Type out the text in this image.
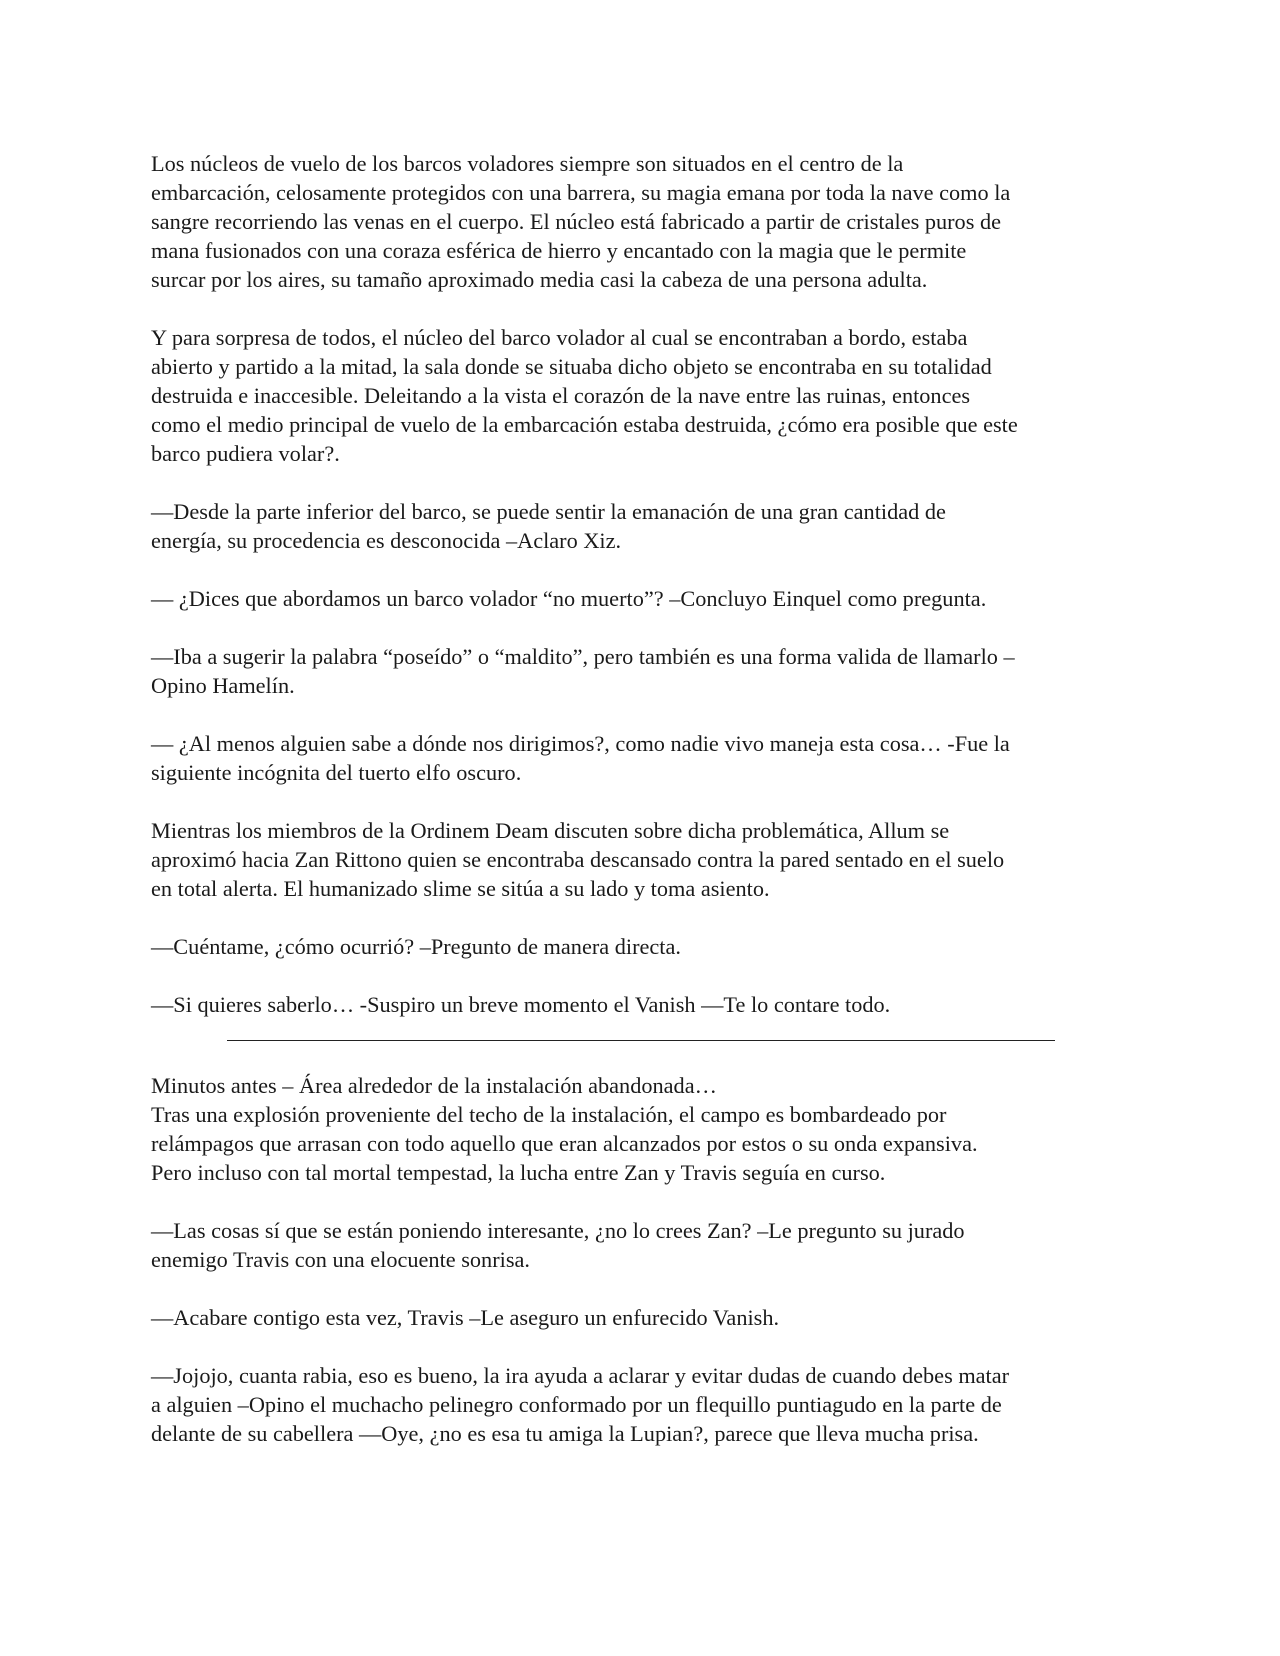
Los núcleos de vuelo de los barcos voladores siempre son situados en el centro de la
embarcación, celosamente protegidos con una barrera, su magia emana por toda la nave como la
sangre recorriendo las venas en el cuerpo. El núcleo está fabricado a partir de cristales puros de
mana fusionados con una coraza esférica de hierro y encantado con la magia que le permite
surcar por los aires, su tamaño aproximado media casi la cabeza de una persona adulta.

Y para sorpresa de todos, el núcleo del barco volador al cual se encontraban a bordo, estaba
abierto y partido a la mitad, la sala donde se situaba dicho objeto se encontraba en su totalidad
destruida e inaccesible. Deleitando a la vista el corazón de la nave entre las ruinas, entonces
como el medio principal de vuelo de la embarcación estaba destruida, ¿cómo era posible que este
barco pudiera volar?.

—Desde la parte inferior del barco, se puede sentir la emanación de una gran cantidad de
energía, su procedencia es desconocida –Aclaro Xiz.

— ¿Dices que abordamos un barco volador “no muerto”? –Concluyo Einquel como pregunta.

—Iba a sugerir la palabra “poseído” o “maldito”, pero también es una forma valida de llamarlo –
Opino Hamelín.

— ¿Al menos alguien sabe a dónde nos dirigimos?, como nadie vivo maneja esta cosa… -Fue la
siguiente incógnita del tuerto elfo oscuro.

Mientras los miembros de la Ordinem Deam discuten sobre dicha problemática, Allum se
aproximó hacia Zan Rittono quien se encontraba descansado contra la pared sentado en el suelo
en total alerta. El humanizado slime se sitúa a su lado y toma asiento.

—Cuéntame, ¿cómo ocurrió? –Pregunto de manera directa.

—Si quieres saberlo… -Suspiro un breve momento el Vanish —Te lo contare todo.

Minutos antes – Área alrededor de la instalación abandonada…
Tras una explosión proveniente del techo de la instalación, el campo es bombardeado por
relámpagos que arrasan con todo aquello que eran alcanzados por estos o su onda expansiva.
Pero incluso con tal mortal tempestad, la lucha entre Zan y Travis seguía en curso.

—Las cosas sí que se están poniendo interesante, ¿no lo crees Zan? –Le pregunto su jurado
enemigo Travis con una elocuente sonrisa.

—Acabare contigo esta vez, Travis –Le aseguro un enfurecido Vanish.

—Jojojo, cuanta rabia, eso es bueno, la ira ayuda a aclarar y evitar dudas de cuando debes matar
a alguien –Opino el muchacho pelinegro conformado por un flequillo puntiagudo en la parte de
delante de su cabellera —Oye, ¿no es esa tu amiga la Lupian?, parece que lleva mucha prisa.
